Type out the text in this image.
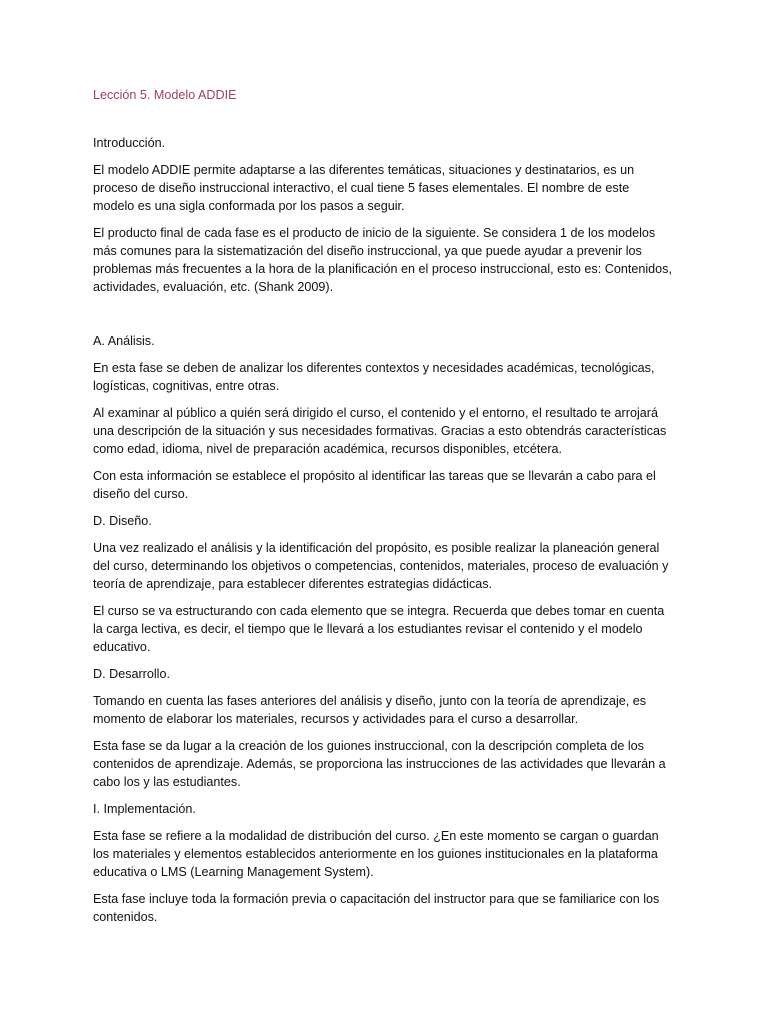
Lección 5. Modelo ADDIE
Introducción.
El modelo ADDIE permite adaptarse a las diferentes temáticas, situaciones y destinatarios, es un proceso de diseño instruccional interactivo, el cual tiene 5 fases elementales. El nombre de este modelo es una sigla conformada por los pasos a seguir.
El producto final de cada fase es el producto de inicio de la siguiente. Se considera 1 de los modelos más comunes para la sistematización del diseño instruccional, ya que puede ayudar a prevenir los problemas más frecuentes a la hora de la planificación en el proceso instruccional, esto es: Contenidos, actividades, evaluación, etc. (Shank 2009).
A. Análisis.
En esta fase se deben de analizar los diferentes contextos y necesidades académicas, tecnológicas, logísticas, cognitivas, entre otras.
Al examinar al público a quién será dirigido el curso, el contenido y el entorno, el resultado te arrojará una descripción de la situación y sus necesidades formativas. Gracias a esto obtendrás características como edad, idioma, nivel de preparación académica, recursos disponibles, etcétera.
Con esta información se establece el propósito al identificar las tareas que se llevarán a cabo para el diseño del curso.
D. Diseño.
Una vez realizado el análisis y la identificación del propósito, es posible realizar la planeación general del curso, determinando los objetivos o competencias, contenidos, materiales, proceso de evaluación y teoría de aprendizaje, para establecer diferentes estrategias didácticas.
El curso se va estructurando con cada elemento que se integra. Recuerda que debes tomar en cuenta la carga lectiva, es decir, el tiempo que le llevará a los estudiantes revisar el contenido y el modelo educativo.
D. Desarrollo.
Tomando en cuenta las fases anteriores del análisis y diseño, junto con la teoría de aprendizaje, es momento de elaborar los materiales, recursos y actividades para el curso a desarrollar.
Esta fase se da lugar a la creación de los guiones instruccional, con la descripción completa de los contenidos de aprendizaje. Además, se proporciona las instrucciones de las actividades que llevarán a cabo los y las estudiantes.
I. Implementación.
Esta fase se refiere a la modalidad de distribución del curso. ¿En este momento se cargan o guardan los materiales y elementos establecidos anteriormente en los guiones institucionales en la plataforma educativa o LMS (Learning Management System).
Esta fase incluye toda la formación previa o capacitación del instructor para que se familiarice con los contenidos.
